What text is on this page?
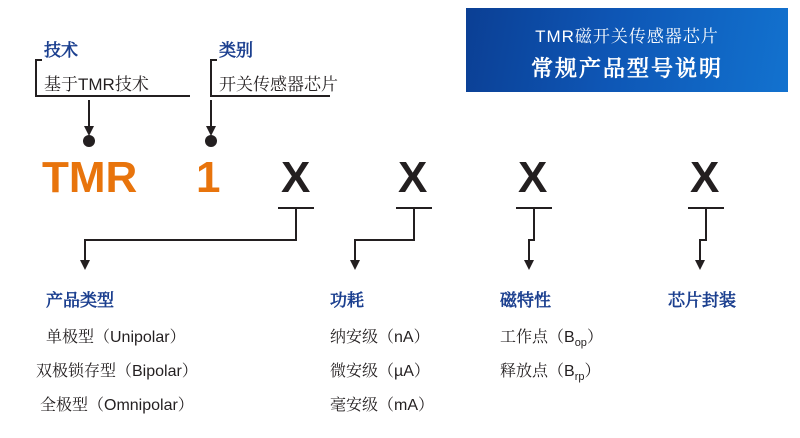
TMR磁开关传感器芯片
常规产品型号说明
技术
基于TMR技术
类别
开关传感器芯片
TMR 1 X X X	X
产品类型	功耗	磁特性	芯片封装
单极型（Unipolar）
双极锁存型（Bipolar）
全极型（Omnipolar）
纳安级（nA）
微安级（µA）
毫安级（mA）
工作点$(B_{op})$
释放点$(B_{rp})$
